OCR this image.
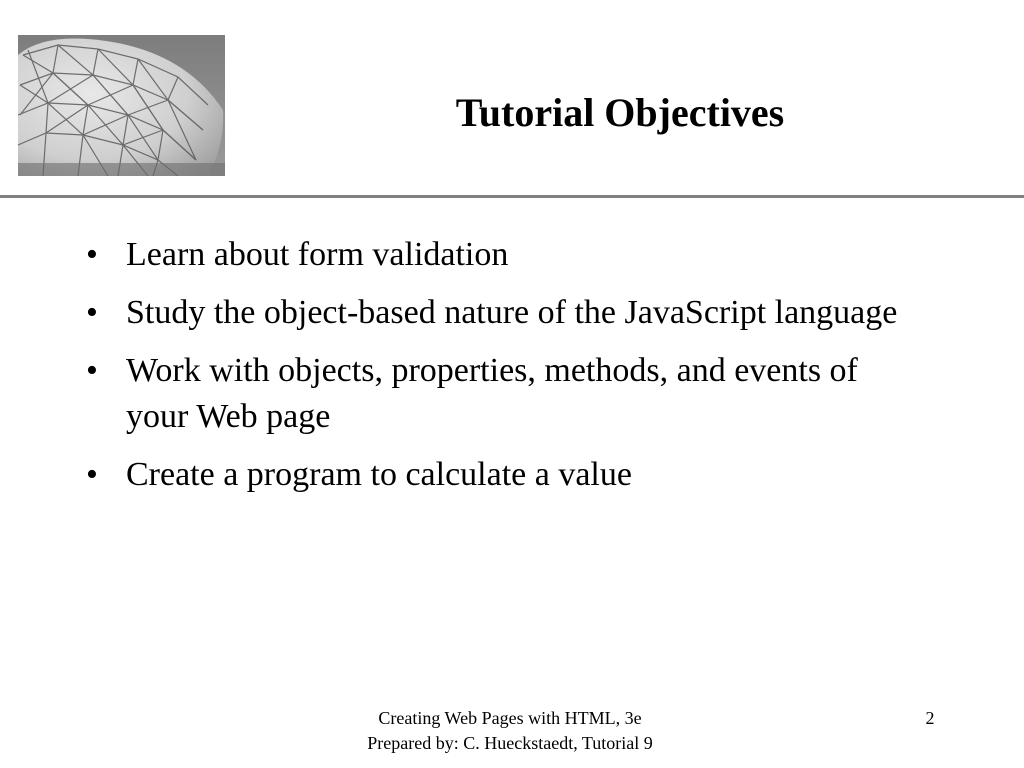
Tutorial Objectives
• Learn about form validation
• Study the object-based nature of the JavaScript language
• Work with objects, properties, methods, and events of your Web page
• Create a program to calculate a value
Creating Web Pages with HTML, 3e
Prepared by: C. Hueckstaedt, Tutorial 9
2
